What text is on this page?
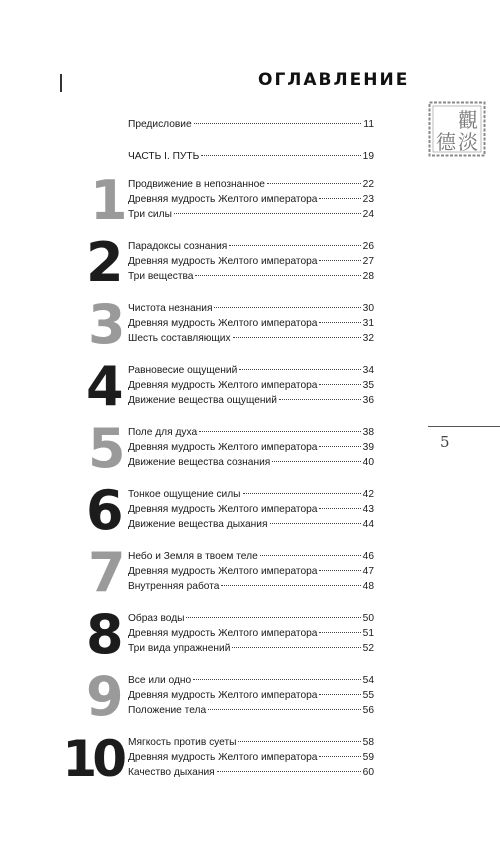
ОГЛАВЛЕНИЕ
觀
德 淡
5
Предисловие	11
ЧАСТЬ I. ПУТЬ	19
1 Продвижение в непознанное	22
Древняя мудрость Желтого императора	23
Три силы	24
2 Парадоксы сознания	26
Древняя мудрость Желтого императора	27
Три вещества	28
3 Чистота незнания	30
Древняя мудрость Желтого императора	31
Шесть составляющих	32
4 Равновесие ощущений	34
Древняя мудрость Желтого императора	35
Движение вещества ощущений	36
5 Поле для духа	38
Древняя мудрость Желтого императора	39
Движение вещества сознания	40
6 Тонкое ощущение силы	42
Древняя мудрость Желтого императора	43
Движение вещества дыхания	44
7 Небо и Земля в твоем теле	46
Древняя мудрость Желтого императора	47
Внутренняя работа	48
8 Образ воды	50
Древняя мудрость Желтого императора	51
Три вида упражнений	52
9 Все или одно	54
Древняя мудрость Желтого императора	55
Положение тела	56
10 Мягкость против суеты	58
Древняя мудрость Желтого императора	59
Качество дыхания	60
